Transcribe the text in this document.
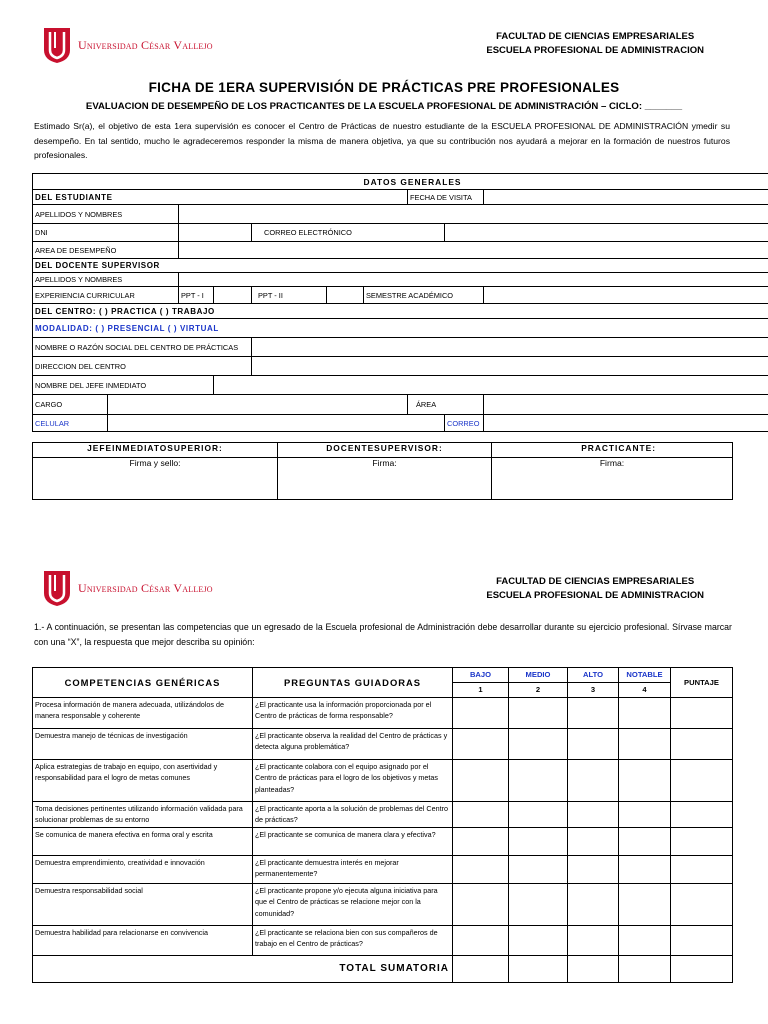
Universidad César Vallejo
FACULTAD DE CIENCIAS EMPRESARIALES
ESCUELA PROFESIONAL DE ADMINISTRACION
FICHA DE 1ERA SUPERVISIÓN DE PRÁCTICAS PRE PROFESIONALES
EVALUACION DE DESEMPEÑO DE LOS PRACTICANTES DE LA ESCUELA PROFESIONAL DE ADMINISTRACIÓN – CICLO: _______
Estimado Sr(a), el objetivo de esta 1era supervisión es conocer el Centro de Prácticas de nuestro estudiante de la ESCUELA PROFESIONAL DE ADMINISTRACIÓN ymedir su desempeño. En tal sentido, mucho le agradeceremos responder la misma de manera objetiva, ya que su contribución nos ayudará a mejorar en la formación de nuestros futuros profesionales.
DATOS GENERALES									
DEL ESTUDIANTE							FECHA DE VISITA		
APELLIDOS Y NOMBRES									
DNI				CORREO ELECTRÓNICO					
AREA DE DESEMPEÑO									
DEL DOCENTE SUPERVISOR									
APELLIDOS Y NOMBRES									
EXPERIENCIA CURRICULAR		PPT - I		PPT - II		SEMESTRE ACADÉMICO			
DEL CENTRO: ( ) PRACTICA ( ) TRABAJO									
MODALIDAD: ( ) PRESENCIAL ( ) VIRTUAL									
NOMBRE O RAZÓN SOCIAL DEL CENTRO DE PRÁCTICAS									
DIRECCION DEL CENTRO									
NOMBRE DEL JEFE INMEDIATO									
CARGO							ÁREA		
CELULAR								CORREO	
JEFEINMEDIATOSUPERIOR:	DOCENTESUPERVISOR:	PRACTICANTE:
Firma y sello:	Firma:	Firma:
Universidad César Vallejo	FACULTAD DE CIENCIAS EMPRESARIALES
ESCUELA PROFESIONAL DE ADMINISTRACION
1.- A continuación, se presentan las competencias que un egresado de la Escuela profesional de Administración debe desarrollar durante su ejercicio profesional. Sírvase marcar con una “X”, la respuesta que mejor describa su opinión:
COMPETENCIAS GENÉRICAS	PREGUNTAS GUIADORAS	BAJO	MEDIO	ALTO	NOTABLE	PUNTAJE
		1	2	3	4	
Procesa información de manera adecuada, utilizándolos de manera responsable y coherente	¿El practicante usa la información proporcionada por el Centro de prácticas de forma responsable?					
Demuestra manejo de técnicas de investigación	¿El practicante observa la realidad del Centro de prácticas y detecta alguna problemática?					
Aplica estrategias de trabajo en equipo, con asertividad y responsabilidad para el logro de metas comunes	¿El practicante colabora con el equipo asignado por el Centro de prácticas para el logro de los objetivos y metas planteadas?					
Toma decisiones pertinentes utilizando información validada para solucionar problemas de su entorno	¿El practicante aporta a la solución de problemas del Centro de prácticas?					
Se comunica de manera efectiva en forma oral y escrita	¿El practicante se comunica de manera clara y efectiva?					
Demuestra emprendimiento, creatividad e innovación	¿El practicante demuestra interés en mejorar permanentemente?					
Demuestra responsabilidad social	¿El practicante propone y/o ejecuta alguna iniciativa para que el Centro de prácticas se relacione mejor con la comunidad?					
Demuestra habilidad para relacionarse en convivencia	¿El practicante se relaciona bien con sus compañeros de trabajo en el Centro de prácticas?					
TOTAL SUMATORIA						
